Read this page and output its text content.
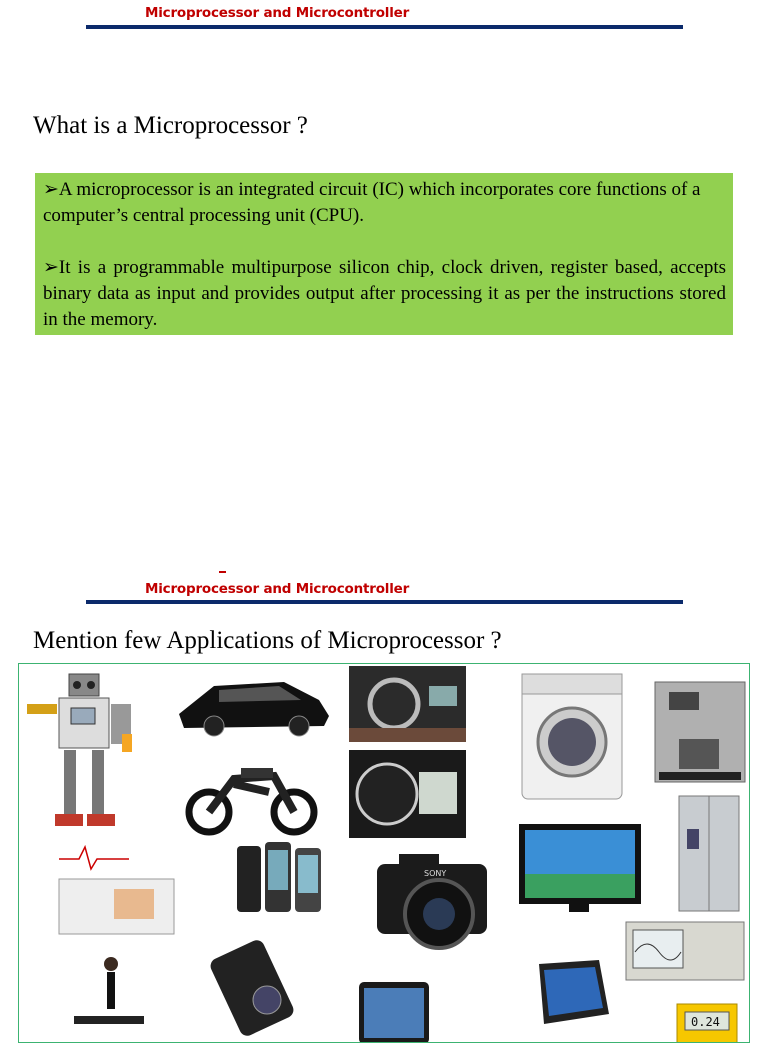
Microprocessor and Microcontroller
What is a Microprocessor ?

➢A microprocessor is an integrated circuit (IC) which incorporates core functions of a computer’s central processing unit (CPU).

➢It is a programmable multipurpose silicon chip, clock driven, register based, accepts binary data as input and provides output after processing it as per the instructions stored in the memory.

Microprocessor and Microcontroller
Mention few Applications of Microprocessor ?
SONY
0.24
